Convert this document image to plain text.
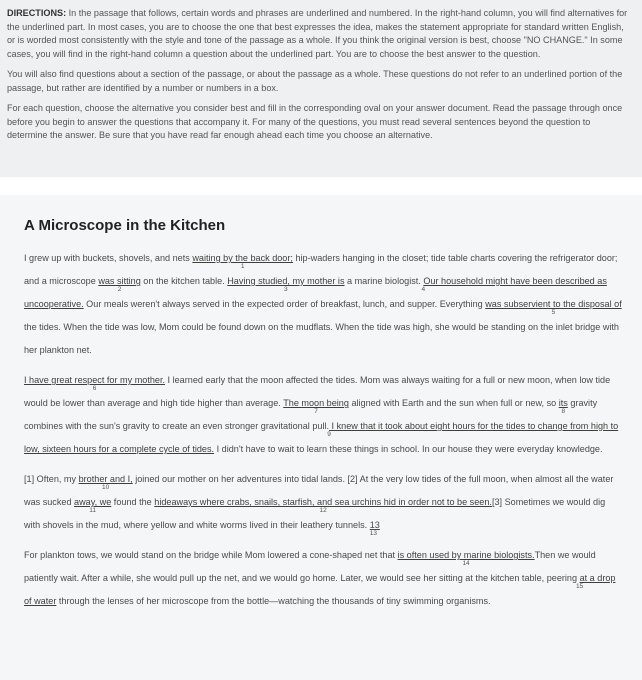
DIRECTIONS: In the passage that follows, certain words and phrases are underlined and numbered. In the right-hand column, you will find alternatives for the underlined part. In most cases, you are to choose the one that best expresses the idea, makes the statement appropriate for standard written English, or is worded most consistently with the style and tone of the passage as a whole. If you think the original version is best, choose "NO CHANGE." In some cases, you will find in the right-hand column a question about the underlined part. You are to choose the best answer to the question.

You will also find questions about a section of the passage, or about the passage as a whole. These questions do not refer to an underlined portion of the passage, but rather are identified by a number or numbers in a box.

For each question, choose the alternative you consider best and fill in the corresponding oval on your answer document. Read the passage through once before you begin to answer the questions that accompany it. For many of the questions, you must read several sentences beyond the question to determine the answer. Be sure that you have read far enough ahead each time you choose an alternative.

A Microscope in the Kitchen

I grew up with buckets, shovels, and nets waiting by the back door;
1
hip-waders hanging in the closet; tide table charts covering the refrigerator door; and a microscope was sitting
2
on the kitchen table. Having studied, my mother is
3
a marine biologist. Our household might have been described as uncooperative.
4
Our meals weren't always served in the expected order of breakfast, lunch, and supper. Everything was subservient to the disposal of
5
the tides. When the tide was low, Mom could be found down on the mudflats. When the tide was high, she would be standing on the inlet bridge with her plankton net.

I have great respect for my mother.
6
I learned early that the moon affected the tides. Mom was always waiting for a full or new moon, when low tide would be lower than average and high tide higher than average. The moon being
7
aligned with Earth and the sun when full or new, so its
8
gravity combines with the sun's gravity to create an even stronger gravitational pull. I knew that it took about eight hours for the tides to change from high to low, sixteen hours for a complete cycle of tides.
9
I didn't have to wait to learn these things in school. In our house they were everyday knowledge.

[1] Often, my brother and I,
10
joined our mother on her adventures into tidal lands. [2] At the very low tides of the full moon, when almost all the water was sucked away, we
11
found the hideaways where crabs, snails, starfish, and sea urchins hid in order not to be seen.
12
[3] Sometimes we would dig with shovels in the mud, where yellow and white worms lived in their leathery tunnels. 13
13

For plankton tows, we would stand on the bridge while Mom lowered a cone-shaped net that is often used by marine biologists.
14
Then we would patiently wait. After a while, she would pull up the net, and we would go home. Later, we would see her sitting at the kitchen table, peering at a drop of water
15
through the lenses of her microscope from the bottle—watching the thousands of tiny swimming organisms.
